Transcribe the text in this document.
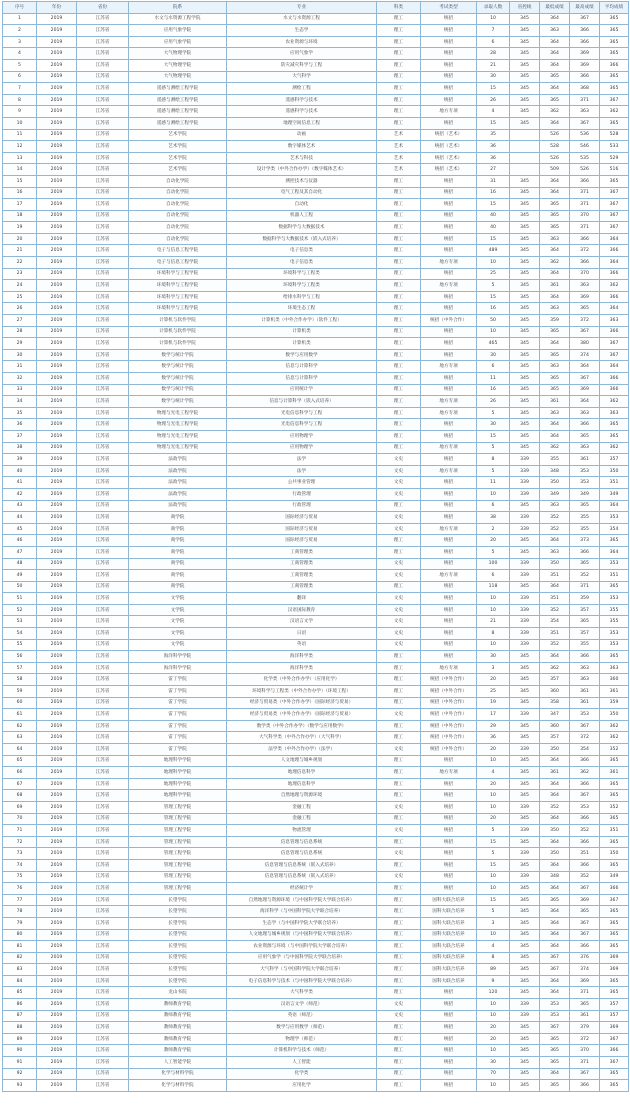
序号	年份	省份	院系	专业	科类	考试类型	录取人数	省控线	最低成绩	最高成绩	平均成绩
1	2019	江苏省	水文与水资源工程学院	水文与水资源工程	理工	统招	10	345	364	367	365
2	2019	江苏省	应用气象学院	生态学	理工	统招	7	345	363	366	365
3	2019	江苏省	应用气象学院	农业资源与环境	理工	统招	6	345	364	366	365
4	2019	江苏省	大气物理学院	应用气象学	理工	统招	28	345	364	369	365
5	2019	江苏省	大气物理学院	防灾减灾科学与工程	理工	统招	21	345	364	369	366
6	2019	江苏省	大气物理学院	大气科学	理工	统招	30	345	365	366	365
7	2019	江苏省	遥感与测绘工程学院	测绘工程	理工	统招	15	345	364	368	365
8	2019	江苏省	遥感与测绘工程学院	遥感科学与技术	理工	统招	26	345	365	371	367
9	2019	江苏省	遥感与测绘工程学院	遥感科学与技术	理工	地方专项	4	345	362	363	362
10	2019	江苏省	遥感与测绘工程学院	地理空间信息工程	理工	统招	15	345	364	367	365
11	2019	江苏省	艺术学院	动画	艺术	统招（艺术）	35		526	536	528
12	2019	江苏省	艺术学院	数字媒体艺术	艺术	统招（艺术）	36		528	546	533
13	2019	江苏省	艺术学院	艺术与科技	艺术	统招（艺术）	36		526	535	529
14	2019	江苏省	艺术学院	设计学类（中外合作办学）（数字媒体艺术）	艺术	统招（艺术）	27		509	526	516
15	2019	江苏省	自动化学院	测控技术与仪器	理工	统招	31	345	364	366	365
16	2019	江苏省	自动化学院	电气工程及其自动化	理工	统招	16	345	364	371	367
17	2019	江苏省	自动化学院	自动化	理工	统招	15	345	365	371	367
18	2019	江苏省	自动化学院	机器人工程	理工	统招	40	345	365	370	367
19	2019	江苏省	自动化学院	数据科学与大数据技术	理工	统招	40	345	365	371	367
20	2019	江苏省	自动化学院	数据科学与大数据技术（嵌入式培养）	理工	统招	15	345	363	366	364
21	2019	江苏省	电子与信息工程学院	电子信息类	理工	统招	489	345	364	372	366
22	2019	江苏省	电子与信息工程学院	电子信息类	理工	地方专项	10	345	362	366	364
23	2019	江苏省	环境科学与工程学院	环境科学与工程类	理工	统招	25	345	364	370	366
24	2019	江苏省	环境科学与工程学院	环境科学与工程类	理工	地方专项	5	345	361	363	362
25	2019	江苏省	环境科学与工程学院	给排水科学与工程	理工	统招	15	345	364	369	366
26	2019	江苏省	环境科学与工程学院	环境生态工程	理工	统招	16	345	363	365	364
27	2019	江苏省	计算机与软件学院	计算机类（中外合作办学）（软件工程）	理工	统招（中外合作）	50	345	359	372	363
28	2019	江苏省	计算机与软件学院	计算机类	理工	统招	10	345	365	367	366
29	2019	江苏省	计算机与软件学院	计算机类	理工	统招	465	345	364	380	367
30	2019	江苏省	数学与统计学院	数学与应用数学	理工	统招	30	345	365	374	367
31	2019	江苏省	数学与统计学院	信息与计算科学	理工	地方专项	6	345	363	364	364
32	2019	江苏省	数学与统计学院	信息与计算科学	理工	统招	11	345	365	367	366
33	2019	江苏省	数学与统计学院	应用统计学	理工	统招	16	345	365	369	366
34	2019	江苏省	数学与统计学院	信息与计算科学（嵌入式培养）	理工	地方专项	26	345	361	364	362
35	2019	江苏省	物理与光电工程学院	光电信息科学与工程	理工	地方专项	5	345	363	363	363
36	2019	江苏省	物理与光电工程学院	光电信息科学与工程	理工	统招	30	345	364	366	365
37	2019	江苏省	物理与光电工程学院	应用物理学	理工	统招	15	345	364	365	365
38	2019	江苏省	物理与光电工程学院	应用物理学	理工	地方专项	5	345	362	363	362
39	2019	江苏省	法政学院	法学	文史	统招	8	339	355	361	357
40	2019	江苏省	法政学院	法学	文史	地方专项	5	339	348	353	350
41	2019	江苏省	法政学院	公共事业管理	文史	统招	11	339	350	353	351
42	2019	江苏省	法政学院	行政管理	文史	统招	10	339	349	349	349
43	2019	江苏省	法政学院	行政管理	理工	统招	6	345	363	365	364
44	2019	江苏省	商学院	国际经济与贸易	文史	统招	38	339	352	355	353
45	2019	江苏省	商学院	国际经济与贸易	文史	地方专项	2	339	352	355	354
46	2019	江苏省	商学院	国际经济与贸易	理工	统招	20	345	364	373	365
47	2019	江苏省	商学院	工商管理类	理工	统招	5	345	363	366	364
48	2019	江苏省	商学院	工商管理类	文史	统招	100	339	350	365	353
49	2019	江苏省	商学院	工商管理类	文史	地方专项	6	339	351	352	351
50	2019	江苏省	商学院	工商管理类	理工	统招	118	345	364	371	365
51	2019	江苏省	文学院	翻译	文史	统招	10	339	351	359	353
52	2019	江苏省	文学院	汉语国际教育	文史	统招	10	339	352	357	355
53	2019	江苏省	文学院	汉语言文学	文史	统招	21	339	354	365	355
54	2019	江苏省	文学院	日语	文史	统招	8	339	351	357	353
55	2019	江苏省	文学院	英语	文史	统招	10	339	352	355	353
56	2019	江苏省	海洋科学学院	海洋科学类	理工	统招	30	345	364	366	365
57	2019	江苏省	海洋科学学院	海洋科学类	理工	地方专项	3	345	362	363	363
58	2019	江苏省	雷丁学院	化学类（中外合作办学）（应用化学）	理工	统招（中外合作）	20	345	357	363	360
59	2019	江苏省	雷丁学院	环境科学与工程类（中外合作办学）（环境工程）	理工	统招（中外合作）	25	345	360	361	361
60	2019	江苏省	雷丁学院	经济与贸易类（中外合作办学）（国际经济与贸易）	理工	统招（中外合作）	19	345	358	361	359
61	2019	江苏省	雷丁学院	经济与贸易类（中外合作办学）（国际经济与贸易）	文史	统招（中外合作）	17	339	347	353	350
62	2019	江苏省	雷丁学院	数学类（中外合作办学）（数学与应用数学）	理工	统招（中外合作）	29	345	360	367	362
63	2019	江苏省	雷丁学院	大气科学类（中外合作办学）（大气科学）	理工	统招（中外合作）	36	345	357	372	362
64	2019	江苏省	雷丁学院	法学类（中外合作办学）（法学）	文史	统招（中外合作）	20	339	350	354	352
65	2019	江苏省	地理科学学院	人文地理与城乡规划	理工	统招	10	345	364	366	365
66	2019	江苏省	地理科学学院	地理信息科学	理工	地方专项	4	345	361	362	361
67	2019	江苏省	地理科学学院	地理信息科学	理工	统招	20	345	364	366	365
68	2019	江苏省	地理科学学院	自然地理与资源环境	理工	统招	10	345	364	367	365
69	2019	江苏省	管理工程学院	金融工程	文史	统招	10	339	352	353	352
70	2019	江苏省	管理工程学院	金融工程	理工	统招	20	345	364	366	365
71	2019	江苏省	管理工程学院	物流管理	文史	统招	5	339	350	352	351
72	2019	江苏省	管理工程学院	信息管理与信息系统	理工	统招	15	345	364	366	365
73	2019	江苏省	管理工程学院	信息管理与信息系统	文史	统招	5	339	350	351	350
74	2019	江苏省	管理工程学院	信息管理与信息系统（嵌入式培养）	理工	统招	15	345	364	366	365
75	2019	江苏省	管理工程学院	信息管理与信息系统（嵌入式培养）	文史	统招	10	339	348	352	349
76	2019	江苏省	管理工程学院	经济统计学	理工	统招	10	345	364	367	366
77	2019	江苏省	长望学院	自然地理与资源环境（与中国科学院大学联合培养）	理工	国科大联合培养	15	345	365	369	367
78	2019	江苏省	长望学院	海洋科学（与中国科学院大学联合培养）	理工	国科大联合培养	5	345	364	365	365
79	2019	江苏省	长望学院	生态学（与中国科学院大学联合培养）	理工	国科大联合培养	3	345	364	367	365
80	2019	江苏省	长望学院	人文地理与城乡规划（与中国科学院大学联合培养）	理工	国科大联合培养	10	345	364	367	365
81	2019	江苏省	长望学院	农业资源与环境（与中国科学院大学联合培养）	理工	国科大联合培养	4	345	364	366	365
82	2019	江苏省	长望学院	应用气象学（与中国科学院大学联合培养）	理工	国科大联合培养	8	345	367	376	369
83	2019	江苏省	长望学院	大气科学（与中国科学院大学联合培养）	理工	国科大联合培养	89	345	367	374	369
84	2019	江苏省	长望学院	电子信息科学与技术（与中国科学院大学联合培养）	理工	国科大联合培养	9	345	364	369	365
85	2019	江苏省	龙山书院	大气科学类	理工	统招	120	345	364	371	365
86	2019	江苏省	教师教育学院	汉语言文学（师范）	文史	统招	10	339	353	365	357
87	2019	江苏省	教师教育学院	英语（师范）	文史	统招	10	339	353	361	357
88	2019	江苏省	教师教育学院	数学与应用数学（师范）	理工	统招	20	345	367	379	369
89	2019	江苏省	教师教育学院	物理学（师范）	理工	统招	20	345	365	372	367
90	2019	江苏省	教师教育学院	计算机科学与技术（师范）	理工	统招	10	345	365	370	366
91	2019	江苏省	人工智能学院	人工智能	理工	统招	30	345	365	371	367
92	2019	江苏省	化学与材料学院	化学类	理工	统招	70	345	364	367	365
93	2019	江苏省	化学与材料学院	应用化学	理工	统招	10	345	365	366	365
